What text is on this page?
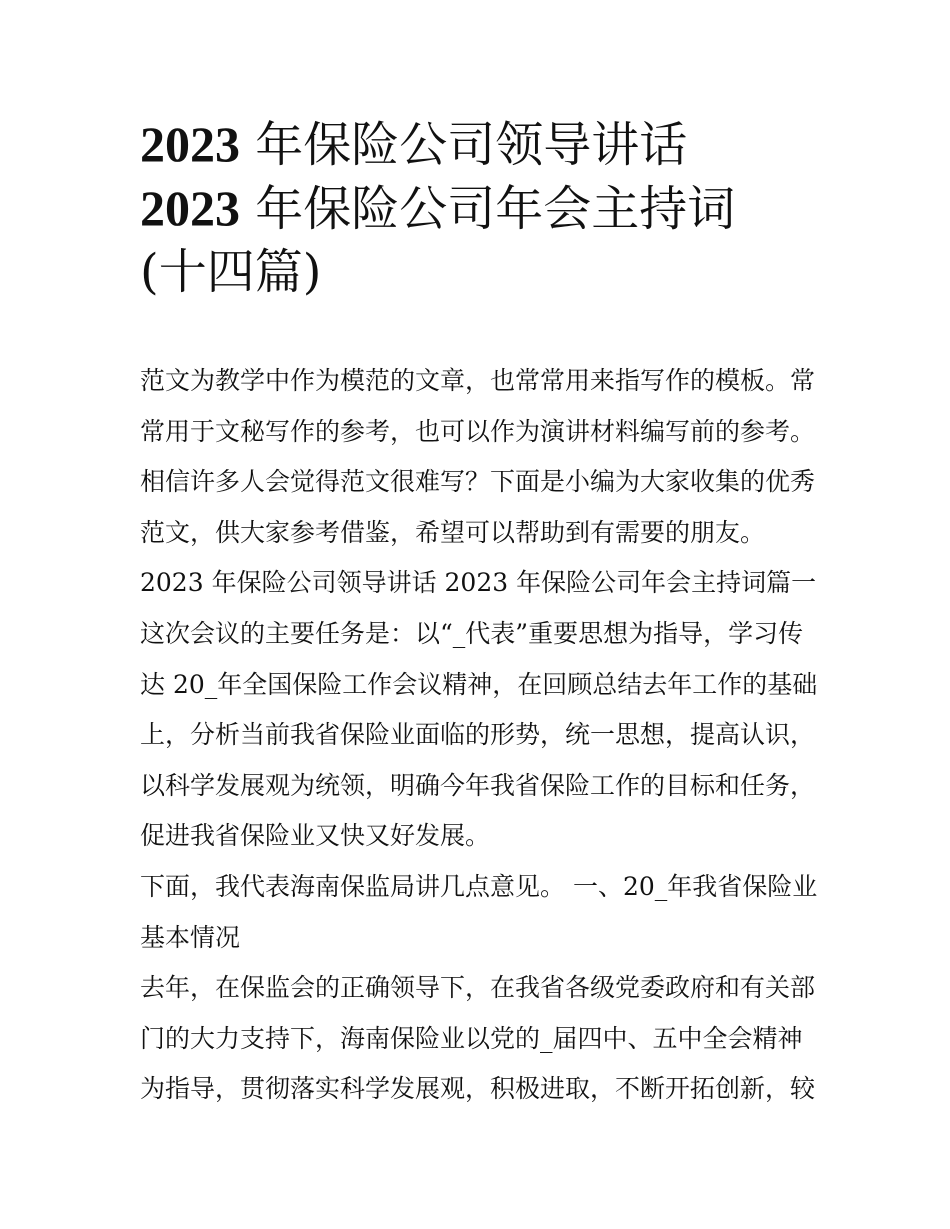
2023 年保险公司领导讲话
2023 年保险公司年会主持词
(十四篇)
范文为教学中作为模范的文章，也常常用来指写作的模板。常
常用于文秘写作的参考，也可以作为演讲材料编写前的参考。
相信许多人会觉得范文很难写？下面是小编为大家收集的优秀
范文，供大家参考借鉴，希望可以帮助到有需要的朋友。
2023 年保险公司领导讲话 2023 年保险公司年会主持词篇一
这次会议的主要任务是：以“_代表”重要思想为指导，学习传
达 20_年全国保险工作会议精神，在回顾总结去年工作的基础
上，分析当前我省保险业面临的形势，统一思想，提高认识，
以科学发展观为统领，明确今年我省保险工作的目标和任务，
促进我省保险业又快又好发展。
下面，我代表海南保监局讲几点意见。 一、20_年我省保险业
基本情况
去年，在保监会的正确领导下，在我省各级党委政府和有关部
门的大力支持下，海南保险业以党的_届四中、五中全会精神
为指导，贯彻落实科学发展观，积极进取，不断开拓创新，较
